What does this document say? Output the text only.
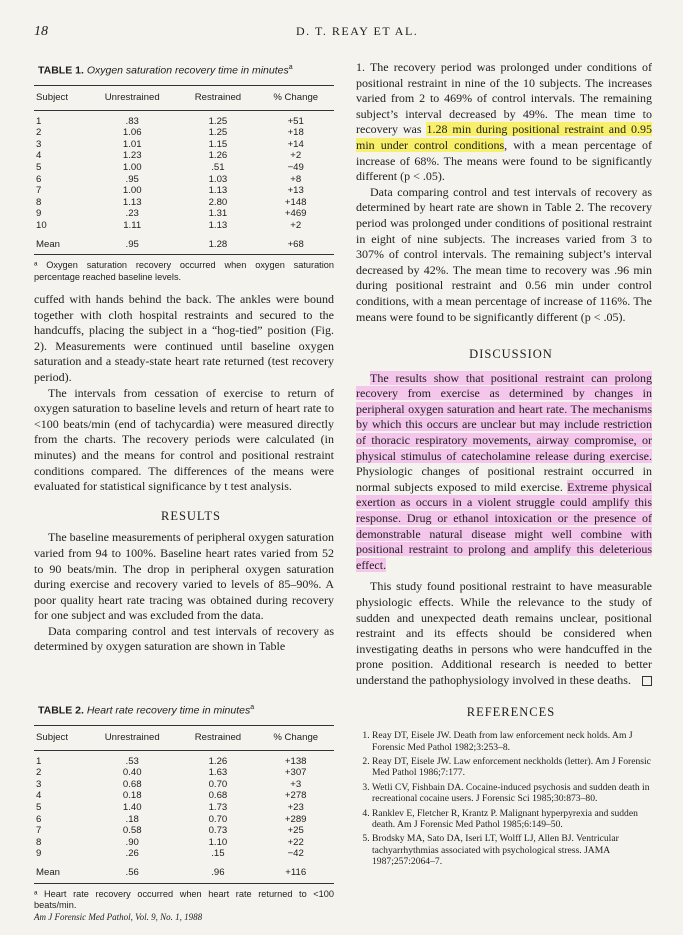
18	D. T. REAY ET AL.
TABLE 1. Oxygen saturation recovery time in minutes$^a$
Subject	Unrestrained	Restrained	% Change
1	.83	1.25	+51
2	1.06	1.25	+18
3	1.01	1.15	+14
4	1.23	1.26	+2
5	1.00	.51	−49
6	.95	1.03	+8
7	1.00	1.13	+13
8	1.13	2.80	+148
9	.23	1.31	+469
10	1.11	1.13	+2
Mean	.95	1.28	+68
ᵃ Oxygen saturation recovery occurred when oxygen saturation percentage reached baseline levels.

cuffed with hands behind the back. The ankles were bound together with cloth hospital restraints and secured to the handcuffs, placing the subject in a “hog-tied” position (Fig. 2). Measurements were continued until baseline oxygen saturation and a steady-state heart rate returned (test recovery period).

The intervals from cessation of exercise to return of oxygen saturation to baseline levels and return of heart rate to <100 beats/min (end of tachycardia) were measured directly from the charts. The recovery periods were calculated (in minutes) and the means for control and positional restraint conditions compared. The differences of the means were evaluated for statistical significance by t test analysis.

RESULTS

The baseline measurements of peripheral oxygen saturation varied from 94 to 100%. Baseline heart rates varied from 52 to 90 beats/min. The drop in peripheral oxygen saturation during exercise and recovery varied to levels of 85–90%. A poor quality heart rate tracing was obtained during recovery for one subject and was excluded from the data.

Data comparing control and test intervals of recovery as determined by oxygen saturation are shown in Table

TABLE 2. Heart rate recovery time in minutes$^a$
Subject	Unrestrained	Restrained	% Change
1	.53	1.26	+138
2	0.40	1.63	+307
3	0.68	0.70	+3
4	0.18	0.68	+278
5	1.40	1.73	+23
6	.18	0.70	+289
7	0.58	0.73	+25
8	.90	1.10	+22
9	.26	.15	−42
Mean	.56	.96	+116
ᵃ Heart rate recovery occurred when heart rate returned to <100 beats/min.

1. The recovery period was prolonged under conditions of positional restraint in nine of the 10 subjects. The increases varied from 2 to 469% of control intervals. The remaining subject’s interval decreased by 49%. The mean time to recovery was 1.28 min during positional restraint and 0.95 min under control conditions, with a mean percentage of increase of 68%. The means were found to be significantly different (p < .05).

Data comparing control and test intervals of recovery as determined by heart rate are shown in Table 2. The recovery period was prolonged under conditions of positional restraint in eight of nine subjects. The increases varied from 3 to 307% of control intervals. The remaining subject’s interval decreased by 42%. The mean time to recovery was .96 min during positional restraint and 0.56 min under control conditions, with a mean percentage of increase of 116%. The means were found to be significantly different (p < .05).

DISCUSSION

The results show that positional restraint can prolong recovery from exercise as determined by changes in peripheral oxygen saturation and heart rate. The mechanisms by which this occurs are unclear but may include restriction of thoracic respiratory movements, airway compromise, or physical stimulus of catecholamine release during exercise. Physiologic changes of positional restraint occurred in normal subjects exposed to mild exercise. Extreme physical exertion as occurs in a violent struggle could amplify this response. Drug or ethanol intoxication or the presence of demonstrable natural disease might well combine with positional restraint to prolong and amplify this deleterious effect.

This study found positional restraint to have measurable physiologic effects. While the relevance to the study of sudden and unexpected death remains unclear, positional restraint and its effects should be considered when investigating deaths in persons who were handcuffed in the prone position. Additional research is needed to better understand the pathophysiology involved in these deaths.

REFERENCES

1. Reay DT, Eisele JW. Death from law enforcement neck holds. Am J Forensic Med Pathol 1982;3:253–8.
2. Reay DT, Eisele JW. Law enforcement neckholds (letter). Am J Forensic Med Pathol 1986;7:177.
3. Wetli CV, Fishbain DA. Cocaine-induced psychosis and sudden death in recreational cocaine users. J Forensic Sci 1985;30:873–80.
4. Ranklev E, Fletcher R, Krantz P. Malignant hyperpyrexia and sudden death. Am J Forensic Med Pathol 1985;6:149–50.
5. Brodsky MA, Sato DA, Iseri LT, Wolff LJ, Allen BJ. Ventricular tachyarrhythmias associated with psychological stress. JAMA 1987;257:2064–7.
Am J Forensic Med Pathol, Vol. 9, No. 1, 1988
